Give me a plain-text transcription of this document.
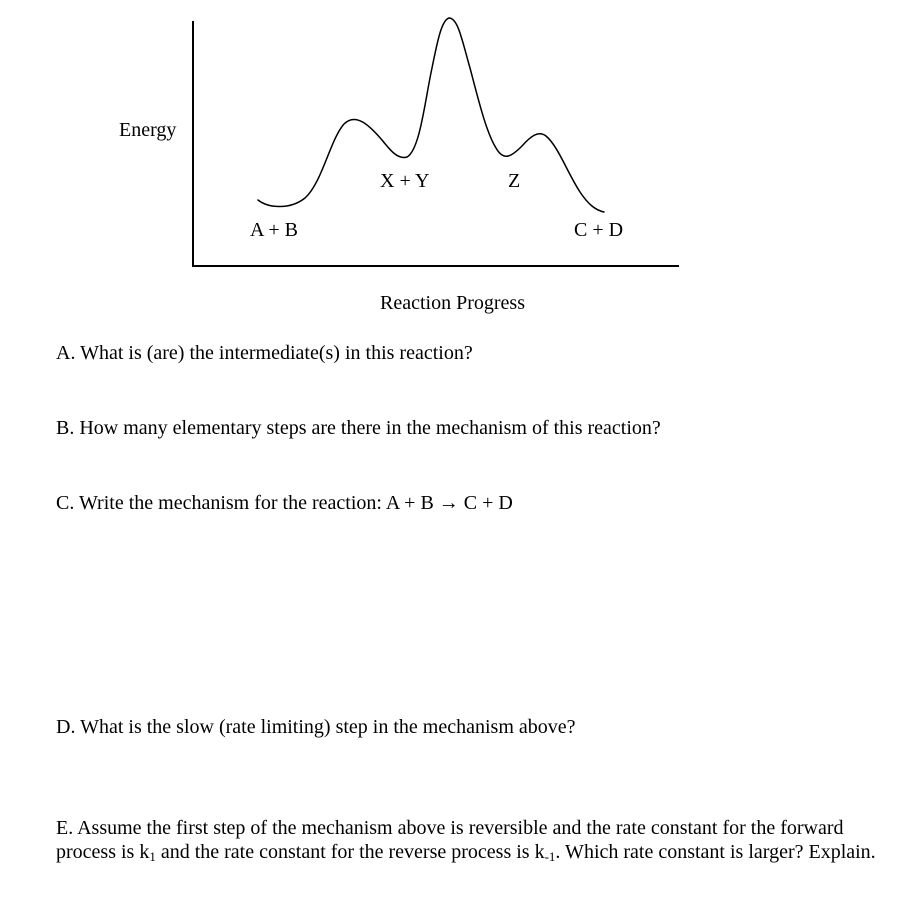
Energy
X + Y	Z
A + B	C + D
Reaction Progress

A. What is (are) the intermediate(s) in this reaction?

B. How many elementary steps are there in the mechanism of this reaction?

C. Write the mechanism for the reaction: A + B → C + D

D. What is the slow (rate limiting) step in the mechanism above?

E. Assume the first step of the mechanism above is reversible and the rate constant for the forward process is $k_1$ and the rate constant for the reverse process is $k_{-1}$. Which rate constant is larger? Explain.
